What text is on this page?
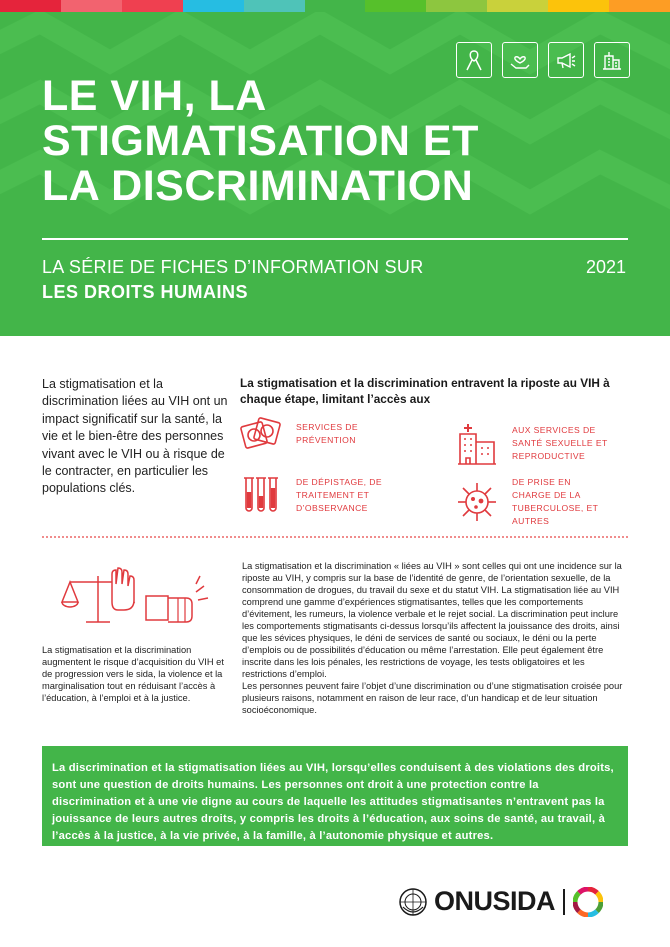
LE VIH, LA
STIGMATISATION ET
LA DISCRIMINATION
LA SÉRIE DE FICHES D’INFORMATION SUR
LES DROITS HUMAINS
2021
La stigmatisation et la discrimination liées au VIH ont un impact significatif sur la santé, la vie et le bien-être des personnes vivant avec le VIH ou à risque de le contracter, en particulier les populations clés.
La stigmatisation et la discrimination entravent la riposte au VIH à chaque étape, limitant l’accès aux
SERVICES DE PRÉVENTION
AUX SERVICES DE SANTÉ SEXUELLE ET REPRODUCTIVE
DE DÉPISTAGE, DE TRAITEMENT ET D’OBSERVANCE
DE PRISE EN CHARGE DE LA TUBERCULOSE, ET AUTRES
La stigmatisation et la discrimination augmentent le risque d’acquisition du VIH et de progression vers le sida, la violence et la marginalisation tout en réduisant l’accès à l’éducation, à l’emploi et à la justice.

La stigmatisation et la discrimination « liées au VIH » sont celles qui ont une incidence sur la riposte au VIH, y compris sur la base de l’identité de genre, de l’orientation sexuelle, de la consommation de drogues, du travail du sexe et du statut VIH. La stigmatisation liée au VIH comprend une gamme d’expériences stigmatisantes, telles que les comportements d’évitement, les rumeurs, la violence verbale et le rejet social. La discrimination peut inclure les comportements stigmatisants ci-dessus lorsqu’ils affectent la jouissance des droits, ainsi que les sévices physiques, le déni de services de santé ou sociaux, le déni ou la perte d’emplois ou de possibilités d’éducation ou même l’arrestation. Elle peut également être inscrite dans les lois pénales, les restrictions de voyage, les tests obligatoires et les restrictions d’emploi.

Les personnes peuvent faire l’objet d’une discrimination ou d’une stigmatisation croisée pour plusieurs raisons, notamment en raison de leur race, d’un handicap et de leur situation socioéconomique.

La discrimination et la stigmatisation liées au VIH, lorsqu’elles conduisent à des violations des droits, sont une question de droits humains. Les personnes ont droit à une protection contre la discrimination et à une vie digne au cours de laquelle les attitudes stigmatisantes n’entravent pas la jouissance de leurs autres droits, y compris les droits à l’éducation, aux soins de santé, au travail, à l’accès à la justice, à la vie privée, à la famille, à l’autonomie physique et autres.
ONUSIDA
